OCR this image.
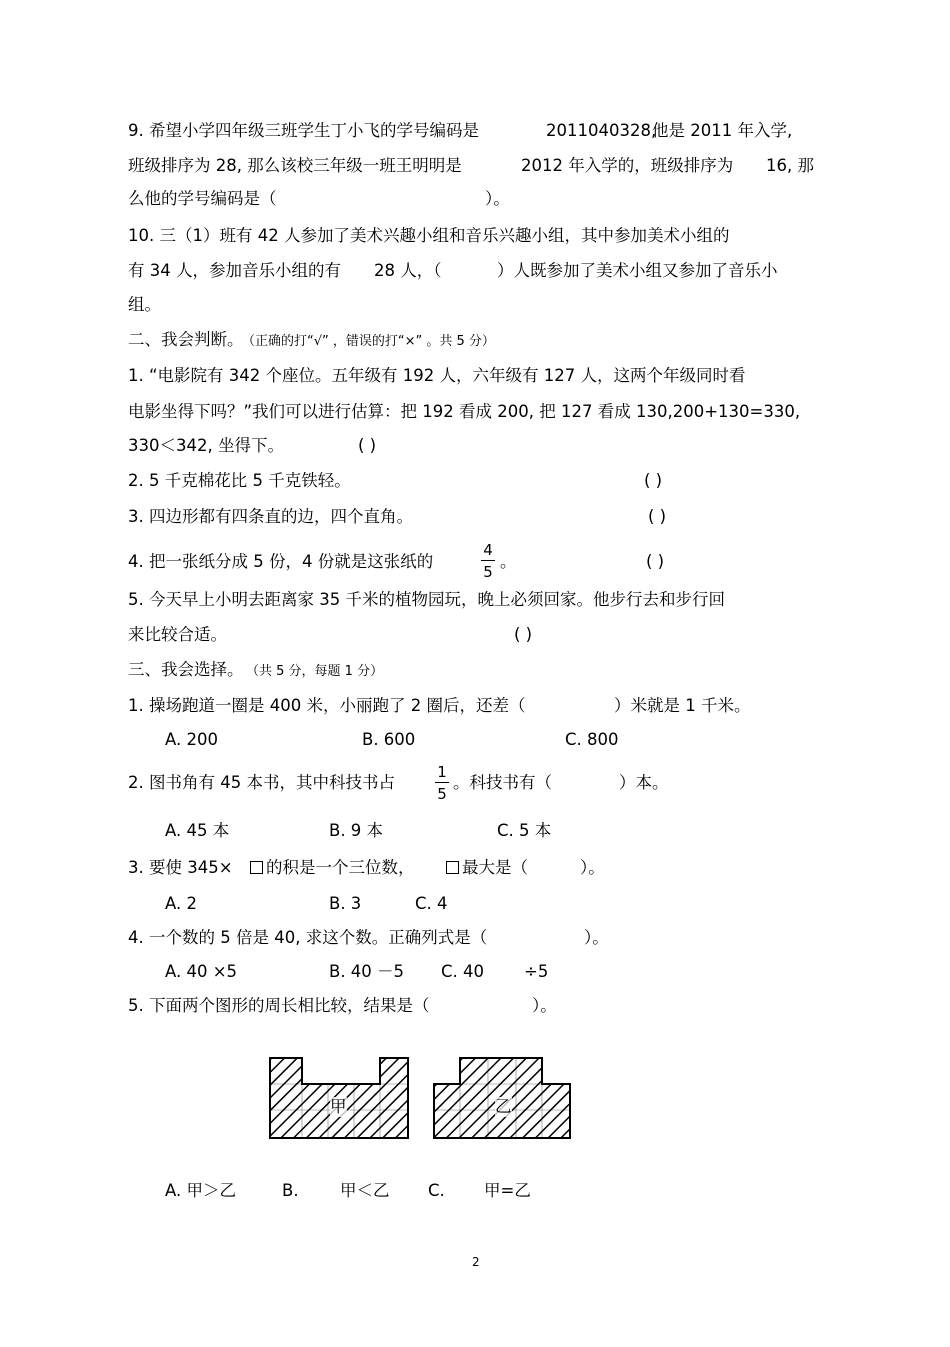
9. 希望小学四年级三班学生丁小飞的学号编码是	2011040328,
他是 2011 年入学,
班级排序为 28, 那么该校三年级一班王明明是	2012 年入学的，班级排序为 16, 那
么他的学号编码是（	）。
10. 三（1）班有 42 人参加了美术兴趣小组和音乐兴趣小组，其中参加美术小组的
有 34 人，参加音乐小组的有 28 人，（	）人既参加了美术小组又参加了音乐小
组。
二、我会判断。
（正确的打“√” ，错误的打“×” 。共 5 分）
1. “电影院有 342 个座位。五年级有 192 人，六年级有 127 人，这两个年级同时看
电影坐得下吗？”我们可以进行估算：把 192 看成 200, 把 127 看成 130,200+130=330,
330＜342, 坐得下。	( )
2. 5 千克棉花比 5 千克铁轻。	( )
3. 四边形都有四条直的边，四个直角。	( )
4. 把一张纸分成 5 份，4 份就是这张纸的	$\frac{4}{5}$ 。	( )
5. 今天早上小明去距离家 35 千米的植物园玩，晚上必须回家。他步行去和步行回
来比较合适。	( )
三、我会选择。 （共 5 分，每题 1 分）
1. 操场跑道一圈是 400 米，小丽跑了 2 圈后，还差（	）米就是 1 千米。
A. 200	B. 600	C. 800
2. 图书角有 45 本书，其中科技书占	$\frac{1}{5}$ 。科技书有（	）本。
A. 45 本	B. 9 本	C. 5 本
3. 要使 345× 的积是一个三位数，	最大是（	）。
A. 2	B. 3	C. 4
4. 一个数的 5 倍是 40, 求这个数。正确列式是（	）。
A. 40 ×5	B. 40 －5 C. 40 ÷5
5. 下面两个图形的周长相比较，结果是（	）。
甲	乙
A. 甲＞乙	B.	甲＜乙 C. 甲=乙
2
